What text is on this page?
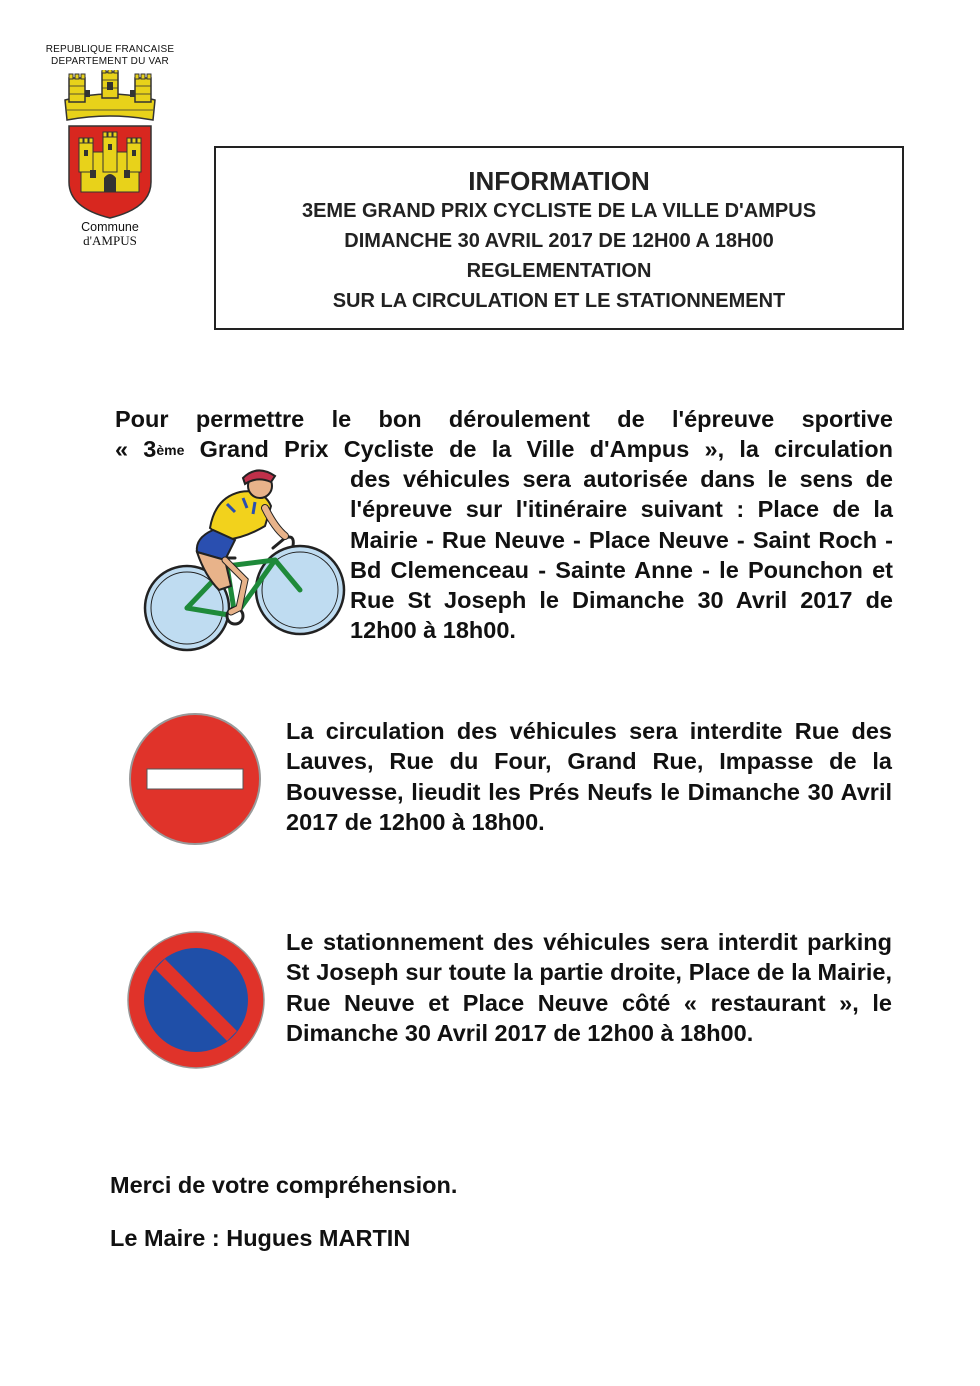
REPUBLIQUE FRANCAISE
DEPARTEMENT DU VAR
Commune
d'AMPUS
INFORMATION
3EME GRAND PRIX CYCLISTE DE LA VILLE D'AMPUS
DIMANCHE 30 AVRIL 2017 DE 12H00 A 18H00
REGLEMENTATION
SUR LA CIRCULATION ET LE STATIONNEMENT

Pour permettre le bon déroulement de l'épreuve sportive

« 3ème Grand Prix Cycliste de la Ville d'Ampus », la circulation

des véhicules sera autorisée dans le sens de l'épreuve sur l'itinéraire suivant : Place de la Mairie - Rue Neuve - Place Neuve - Saint Roch - Bd Clemenceau - Sainte Anne - le Pounchon et Rue St Joseph le Dimanche 30 Avril 2017 de 12h00 à 18h00.
La circulation des véhicules sera interdite Rue des Lauves, Rue du Four, Grand Rue, Impasse de la Bouvesse, lieudit les Prés Neufs le Dimanche 30 Avril 2017 de 12h00 à 18h00.
Le stationnement des véhicules sera interdit parking St Joseph sur toute la partie droite, Place de la Mairie, Rue Neuve et Place Neuve côté « restaurant », le Dimanche 30 Avril 2017 de 12h00 à 18h00.
Merci de votre compréhension.
Le Maire : Hugues MARTIN
